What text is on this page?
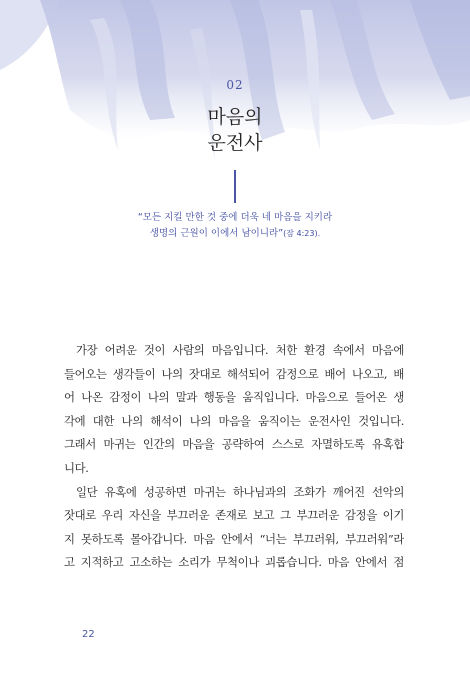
02
마음의
운전사
“모든 지킬 만한 것 중에 더욱 네 마음을 지키라
생명의 근원이 이에서 남이니라”(잠 4:23).
가장 어려운 것이 사람의 마음입니다. 처한 환경 속에서 마음에
들어오는 생각들이 나의 잣대로 해석되어 감정으로 배어 나오고, 배
어 나온 감정이 나의 말과 행동을 움직입니다. 마음으로 들어온 생
각에 대한 나의 해석이 나의 마음을 움직이는 운전사인 것입니다.
그래서 마귀는 인간의 마음을 공략하여 스스로 자멸하도록 유혹합
니다.
일단 유혹에 성공하면 마귀는 하나님과의 조화가 깨어진 선악의
잣대로 우리 자신을 부끄러운 존재로 보고 그 부끄러운 감정을 이기
지 못하도록 몰아갑니다. 마음 안에서 “너는 부끄러워, 부끄러워”라
고 지적하고 고소하는 소리가 무척이나 괴롭습니다. 마음 안에서 점
22
